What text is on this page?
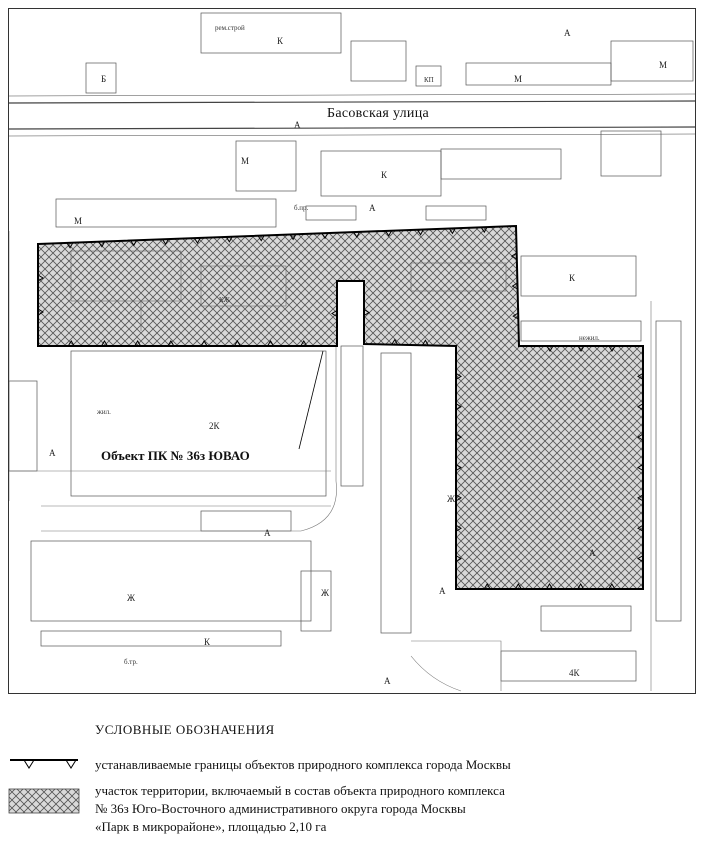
Басовская улица
Объект ПК № 36з ЮВАО
рем.строй
К
М
М
К
К
М
М
А
А
А
А
А
А
А
А
2К
4К
Ж
Ж	Ж
К
нежил.
КП
Б
КЖ
б.пр.
б.тр.
жил.
УСЛОВНЫЕ ОБОЗНАЧЕНИЯ
устанавливаемые границы объектов природного комплекса города Москвы
участок территории, включаемый в состав объекта природного комплекса
№ 36з Юго-Восточного административного округа города Москвы
«Парк в микрорайоне», площадью 2,10 га
